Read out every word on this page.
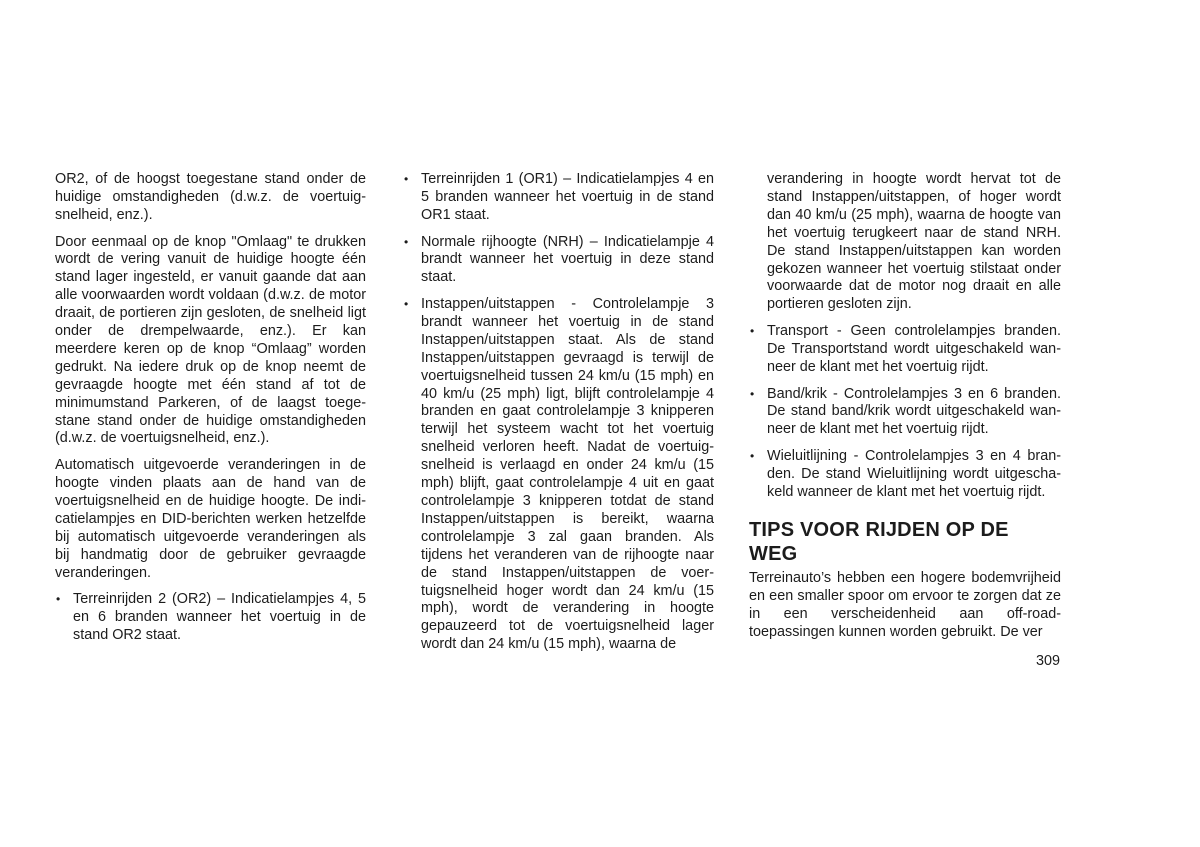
OR2, of de hoogst toegestane stand onder de huidige omstandigheden (d.w.z. de voertuigsnelheid, enz.).

Door eenmaal op de knop "Omlaag" te drukken wordt de vering vanuit de huidige hoogte één stand lager ingesteld, er vanuit gaande dat aan alle voorwaarden wordt voldaan (d.w.z. de motor draait, de portieren zijn gesloten, de snelheid ligt onder de drempelwaarde, enz.). Er kan meerdere keren op de knop “Omlaag” worden gedrukt. Na iedere druk op de knop neemt de gevraagde hoogte met één stand af tot de minimumstand Parkeren, of de laagst toegestane stand onder de huidige omstandigheden (d.w.z. de voertuigsnelheid, enz.).

Automatisch uitgevoerde veranderingen in de hoogte vinden plaats aan de hand van de voertuigsnelheid en de huidige hoogte. De indicatielampjes en DID-berichten werken hetzelfde bij automatisch uitgevoerde veranderingen als bij handmatig door de gebruiker gevraagde veranderingen.

• Terreinrijden 2 (OR2) – Indicatielampjes 4, 5 en 6 branden wanneer het voertuig in de stand OR2 staat.
• Terreinrijden 1 (OR1) – Indicatielampjes 4 en 5 branden wanneer het voertuig in de stand OR1 staat.
• Normale rijhoogte (NRH) – Indicatielampje 4 brandt wanneer het voertuig in deze stand staat.
• Instappen/uitstappen - Controlelampje 3 brandt wanneer het voertuig in de stand Instappen/uitstappen staat. Als de stand Instappen/uitstappen gevraagd is terwijl de voertuigsnelheid tussen 24 km/u (15 mph) en 40 km/u (25 mph) ligt, blijft controlelampje 4 branden en gaat controlelampje 3 knipperen terwijl het systeem wacht tot het voertuig snelheid verloren heeft. Nadat de voertuigsnelheid is verlaagd en onder 24 km/u (15 mph) blijft, gaat controlelampje 4 uit en gaat controlelampje 3 knipperen totdat de stand Instappen/uitstappen is bereikt, waarna controlelampje 3 zal gaan branden. Als tijdens het veranderen van de rijhoogte naar de stand Instappen/uitstappen de voertuigsnelheid hoger wordt dan 24 km/u (15 mph), wordt de verandering in hoogte gepauzeerd tot de voertuigsnelheid lager wordt dan 24 km/u (15 mph), waarna de

verandering in hoogte wordt hervat tot de stand Instappen/uitstappen, of hoger wordt dan 40 km/u (25 mph), waarna de hoogte van het voertuig terugkeert naar de stand NRH. De stand Instappen/uitstappen kan worden gekozen wanneer het voertuig stilstaat onder voorwaarde dat de motor nog draait en alle portieren gesloten zijn.

• Transport - Geen controlelampjes branden. De Transportstand wordt uitgeschakeld wanneer de klant met het voertuig rijdt.
• Band/krik - Controlelampjes 3 en 6 branden. De stand band/krik wordt uitgeschakeld wanneer de klant met het voertuig rijdt.
• Wieluitlijning - Controlelampjes 3 en 4 branden. De stand Wieluitlijning wordt uitgeschakeld wanneer de klant met het voertuig rijdt.
TIPS VOOR RIJDEN OP DE WEG

Terreinauto’s hebben een hogere bodemvrijheid en een smaller spoor om ervoor te zorgen dat ze in een verscheidenheid aan off-roadtoepassingen kunnen worden gebruikt. De ver

309
